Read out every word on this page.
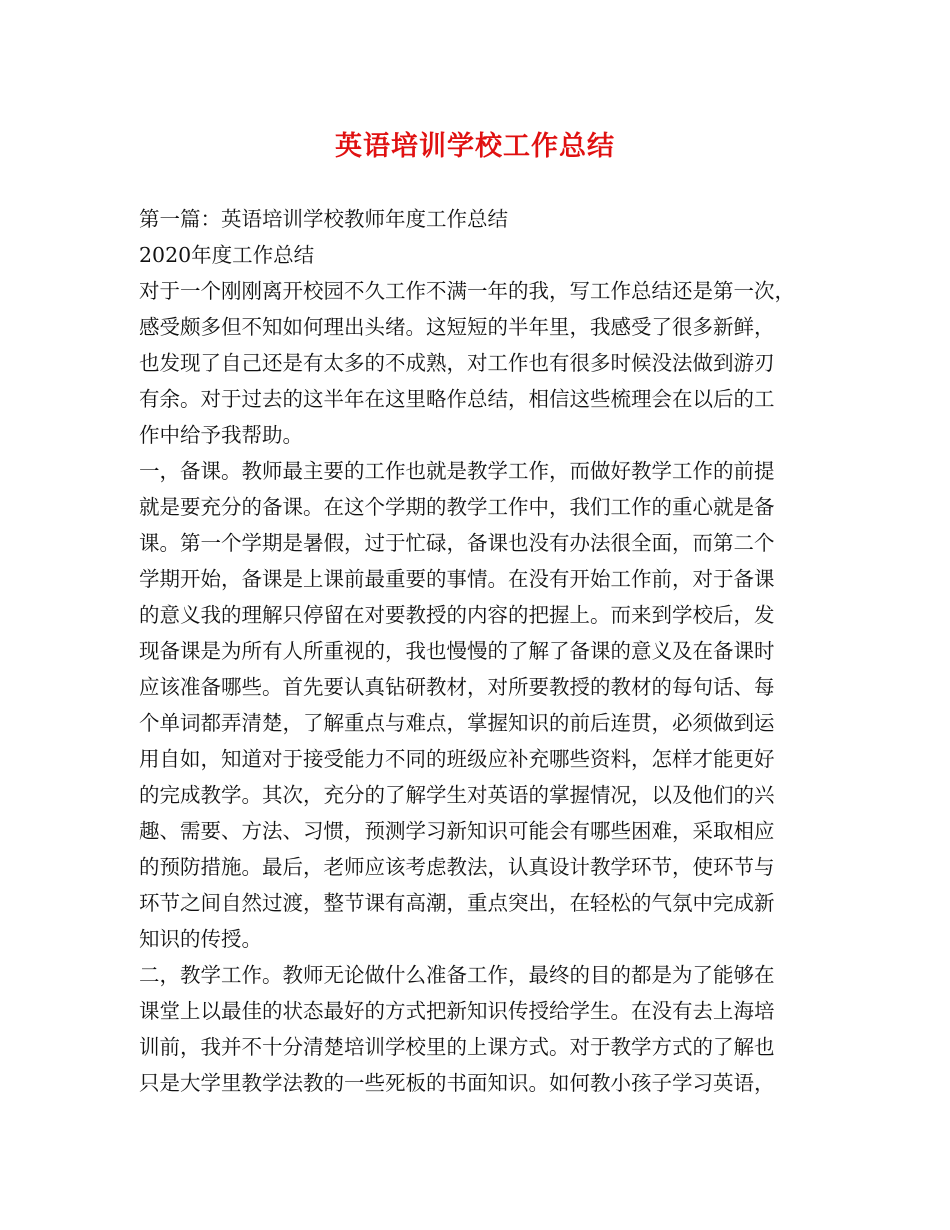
英语培训学校工作总结
第一篇：英语培训学校教师年度工作总结
2020年度工作总结
对于一个刚刚离开校园不久工作不满一年的我，写工作总结还是第一次，
感受颇多但不知如何理出头绪。这短短的半年里，我感受了很多新鲜，
也发现了自己还是有太多的不成熟，对工作也有很多时候没法做到游刃
有余。对于过去的这半年在这里略作总结，相信这些梳理会在以后的工
作中给予我帮助。
一，备课。教师最主要的工作也就是教学工作，而做好教学工作的前提
就是要充分的备课。在这个学期的教学工作中，我们工作的重心就是备
课。第一个学期是暑假，过于忙碌，备课也没有办法很全面，而第二个
学期开始，备课是上课前最重要的事情。在没有开始工作前，对于备课
的意义我的理解只停留在对要教授的内容的把握上。而来到学校后，发
现备课是为所有人所重视的，我也慢慢的了解了备课的意义及在备课时
应该准备哪些。首先要认真钻研教材，对所要教授的教材的每句话、每
个单词都弄清楚，了解重点与难点，掌握知识的前后连贯，必须做到运
用自如，知道对于接受能力不同的班级应补充哪些资料，怎样才能更好
的完成教学。其次，充分的了解学生对英语的掌握情况，以及他们的兴
趣、需要、方法、习惯，预测学习新知识可能会有哪些困难，采取相应
的预防措施。最后，老师应该考虑教法，认真设计教学环节，使环节与
环节之间自然过渡，整节课有高潮，重点突出，在轻松的气氛中完成新
知识的传授。
二，教学工作。教师无论做什么准备工作，最终的目的都是为了能够在
课堂上以最佳的状态最好的方式把新知识传授给学生。在没有去上海培
训前，我并不十分清楚培训学校里的上课方式。对于教学方式的了解也
只是大学里教学法教的一些死板的书面知识。如何教小孩子学习英语，
